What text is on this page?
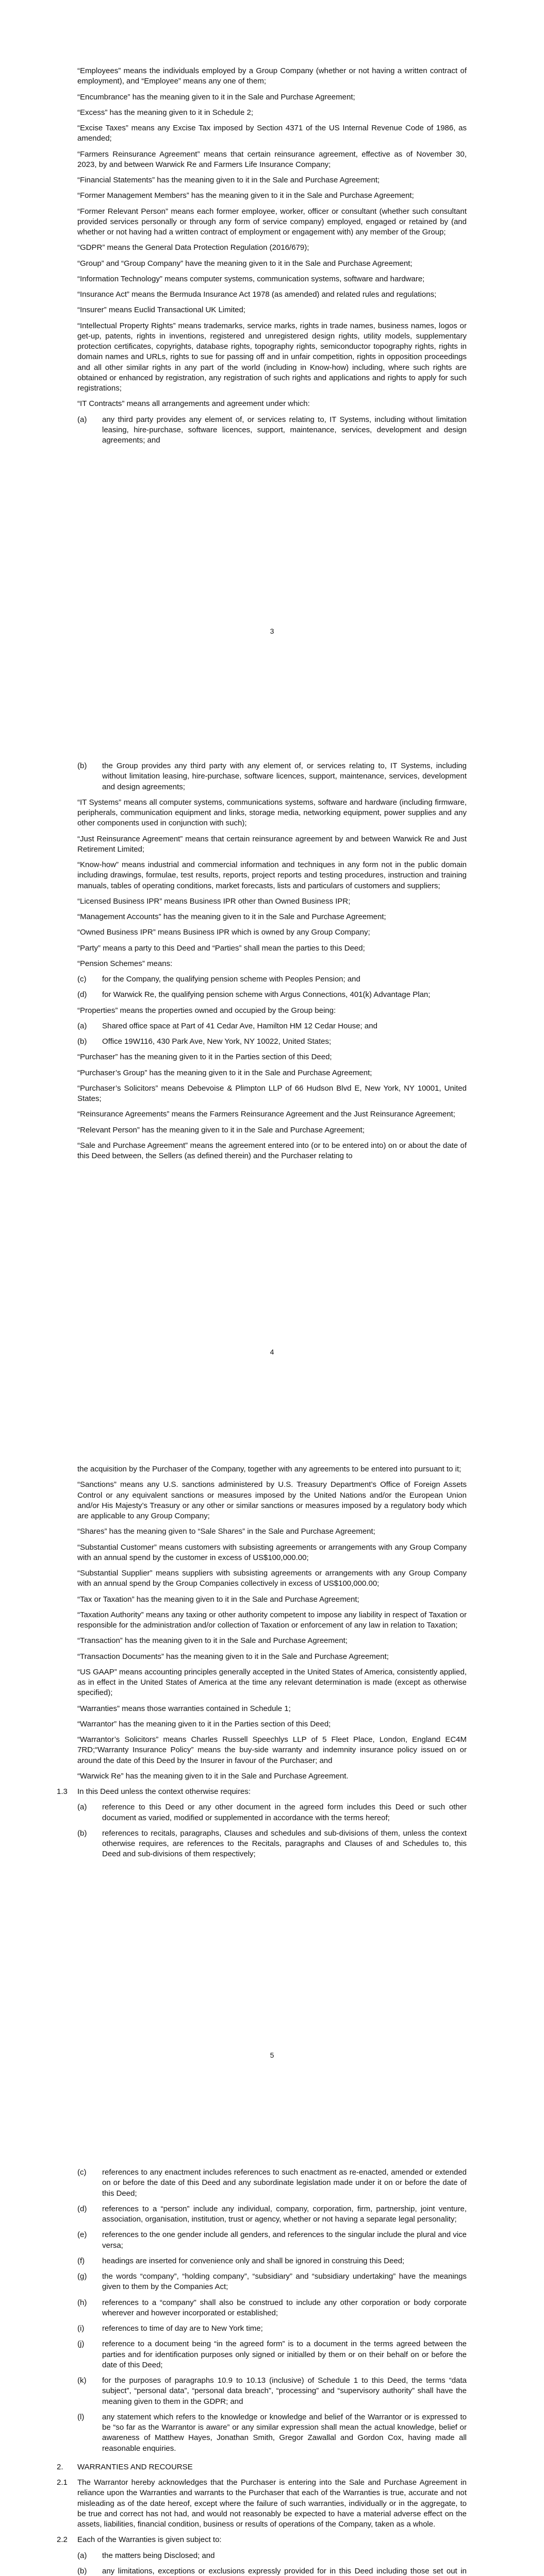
“Employees” means the individuals employed by a Group Company (whether or not having a written contract of employment), and “Employee” means any one of them;

“Encumbrance” has the meaning given to it in the Sale and Purchase Agreement;

“Excess” has the meaning given to it in Schedule 2;

“Excise Taxes” means any Excise Tax imposed by Section 4371 of the US Internal Revenue Code of 1986, as amended;

“Farmers Reinsurance Agreement” means that certain reinsurance agreement, effective as of November 30, 2023, by and between Warwick Re and Farmers Life Insurance Company;

“Financial Statements” has the meaning given to it in the Sale and Purchase Agreement;

“Former Management Members” has the meaning given to it in the Sale and Purchase Agreement;

“Former Relevant Person” means each former employee, worker, officer or consultant (whether such consultant provided services personally or through any form of service company) employed, engaged or retained by (and whether or not having had a written contract of employment or engagement with) any member of the Group;

“GDPR” means the General Data Protection Regulation (2016/679);

“Group” and “Group Company” have the meaning given to it in the Sale and Purchase Agreement;

“Information Technology” means computer systems, communication systems, software and hardware;

“Insurance Act” means the Bermuda Insurance Act 1978 (as amended) and related rules and regulations;

“Insurer” means Euclid Transactional UK Limited;

“Intellectual Property Rights” means trademarks, service marks, rights in trade names, business names, logos or get-up, patents, rights in inventions, registered and unregistered design rights, utility models, supplementary protection certificates, copyrights, database rights, topography rights, semiconductor topography rights, rights in domain names and URLs, rights to sue for passing off and in unfair competition, rights in opposition proceedings and all other similar rights in any part of the world (including in Know-how) including, where such rights are obtained or enhanced by registration, any registration of such rights and applications and rights to apply for such registrations;

“IT Contracts” means all arrangements and agreement under which:

(a)	any third party provides any element of, or services relating to, IT Systems, including without limitation leasing, hire-purchase, software licences, support, maintenance, services, development and design agreements; and
3
(b)	the Group provides any third party with any element of, or services relating to, IT Systems, including without limitation leasing, hire-purchase, software licences, support, maintenance, services, development and design agreements;

“IT Systems” means all computer systems, communications systems, software and hardware (including firmware, peripherals, communication equipment and links, storage media, networking equipment, power supplies and any other components used in conjunction with such);

“Just Reinsurance Agreement” means that certain reinsurance agreement by and between Warwick Re and Just Retirement Limited;

“Know-how” means industrial and commercial information and techniques in any form not in the public domain including drawings, formulae, test results, reports, project reports and testing procedures, instruction and training manuals, tables of operating conditions, market forecasts, lists and particulars of customers and suppliers;

“Licensed Business IPR” means Business IPR other than Owned Business IPR;

“Management Accounts” has the meaning given to it in the Sale and Purchase Agreement;

“Owned Business IPR” means Business IPR which is owned by any Group Company;

“Party” means a party to this Deed and “Parties” shall mean the parties to this Deed;

“Pension Schemes” means:

(c)	for the Company, the qualifying pension scheme with Peoples Pension; and
(d)	for Warwick Re, the qualifying pension scheme with Argus Connections, 401(k) Advantage Plan;

“Properties” means the properties owned and occupied by the Group being:

(a)	Shared office space at Part of 41 Cedar Ave, Hamilton HM 12 Cedar House; and
(b)	Office 19W116, 430 Park Ave, New York, NY 10022, United States;

“Purchaser” has the meaning given to it in the Parties section of this Deed;

“Purchaser’s Group” has the meaning given to it in the Sale and Purchase Agreement;

“Purchaser’s Solicitors” means Debevoise & Plimpton LLP of 66 Hudson Blvd E, New York, NY 10001, United States;

“Reinsurance Agreements” means the Farmers Reinsurance Agreement and the Just Reinsurance Agreement;

“Relevant Person” has the meaning given to it in the Sale and Purchase Agreement;

“Sale and Purchase Agreement” means the agreement entered into (or to be entered into) on or about the date of this Deed between, the Sellers (as defined therein) and the Purchaser relating to

4

the acquisition by the Purchaser of the Company, together with any agreements to be entered into pursuant to it;

“Sanctions” means any U.S. sanctions administered by U.S. Treasury Department’s Office of Foreign Assets Control or any equivalent sanctions or measures imposed by the United Nations and/or the European Union and/or His Majesty’s Treasury or any other or similar sanctions or measures imposed by a regulatory body which are applicable to any Group Company;

“Shares” has the meaning given to “Sale Shares” in the Sale and Purchase Agreement;

“Substantial Customer” means customers with subsisting agreements or arrangements with any Group Company with an annual spend by the customer in excess of US$100,000.00;

“Substantial Supplier” means suppliers with subsisting agreements or arrangements with any Group Company with an annual spend by the Group Companies collectively in excess of US$100,000.00;

“Tax or Taxation” has the meaning given to it in the Sale and Purchase Agreement;

“Taxation Authority” means any taxing or other authority competent to impose any liability in respect of Taxation or responsible for the administration and/or collection of Taxation or enforcement of any law in relation to Taxation;

“Transaction” has the meaning given to it in the Sale and Purchase Agreement;

“Transaction Documents” has the meaning given to it in the Sale and Purchase Agreement;

“US GAAP” means accounting principles generally accepted in the United States of America, consistently applied, as in effect in the United States of America at the time any relevant determination is made (except as otherwise specified);

“Warranties” means those warranties contained in Schedule 1;

“Warrantor” has the meaning given to it in the Parties section of this Deed;

“Warrantor’s Solicitors” means Charles Russell Speechlys LLP of 5 Fleet Place, London, England EC4M 7RD;“Warranty Insurance Policy” means the buy-side warranty and indemnity insurance policy issued on or around the date of this Deed by the Insurer in favour of the Purchaser; and

“Warwick Re” has the meaning given to it in the Sale and Purchase Agreement.

1.3	In this Deed unless the context otherwise requires:
(a)	reference to this Deed or any other document in the agreed form includes this Deed or such other document as varied, modified or supplemented in accordance with the terms hereof;
(b)	references to recitals, paragraphs, Clauses and schedules and sub-divisions of them, unless the context otherwise requires, are references to the Recitals, paragraphs and Clauses of and Schedules to, this Deed and sub-divisions of them respectively;
5
(c)	references to any enactment includes references to such enactment as re-enacted, amended or extended on or before the date of this Deed and any subordinate legislation made under it on or before the date of this Deed;
(d)	references to a “person” include any individual, company, corporation, firm, partnership, joint venture, association, organisation, institution, trust or agency, whether or not having a separate legal personality;
(e)	references to the one gender include all genders, and references to the singular include the plural and vice versa;
(f)	headings are inserted for convenience only and shall be ignored in construing this Deed;
(g)	the words “company”, “holding company”, “subsidiary” and “subsidiary undertaking” have the meanings given to them by the Companies Act;
(h)	references to a “company” shall also be construed to include any other corporation or body corporate wherever and however incorporated or established;
(i)	references to time of day are to New York time;
(j)	reference to a document being “in the agreed form” is to a document in the terms agreed between the parties and for identification purposes only signed or initialled by them or on their behalf on or before the date of this Deed;
(k)	for the purposes of paragraphs 10.9 to 10.13 (inclusive) of Schedule 1 to this Deed, the terms “data subject”, “personal data”, “personal data breach”, “processing” and “supervisory authority” shall have the meaning given to them in the GDPR; and
(l)	any statement which refers to the knowledge or knowledge and belief of the Warrantor or is expressed to be “so far as the Warrantor is aware” or any similar expression shall mean the actual knowledge, belief or awareness of Matthew Hayes, Jonathan Smith, Gregor Zawallal and Gordon Cox, having made all reasonable enquiries.
2.	WARRANTIES AND RECOURSE
2.1	The Warrantor hereby acknowledges that the Purchaser is entering into the Sale and Purchase Agreement in reliance upon the Warranties and warrants to the Purchaser that each of the Warranties is true, accurate and not misleading as of the date hereof, except where the failure of such warranties, individually or in the aggregate, to be true and correct has not had, and would not reasonably be expected to have a material adverse effect on the assets, liabilities, financial condition, business or results of operations of the Company, taken as a whole.
2.2	Each of the Warranties is given subject to:
(a)	the matters being Disclosed; and
(b)	any limitations, exceptions or exclusions expressly provided for in this Deed including those set out in
